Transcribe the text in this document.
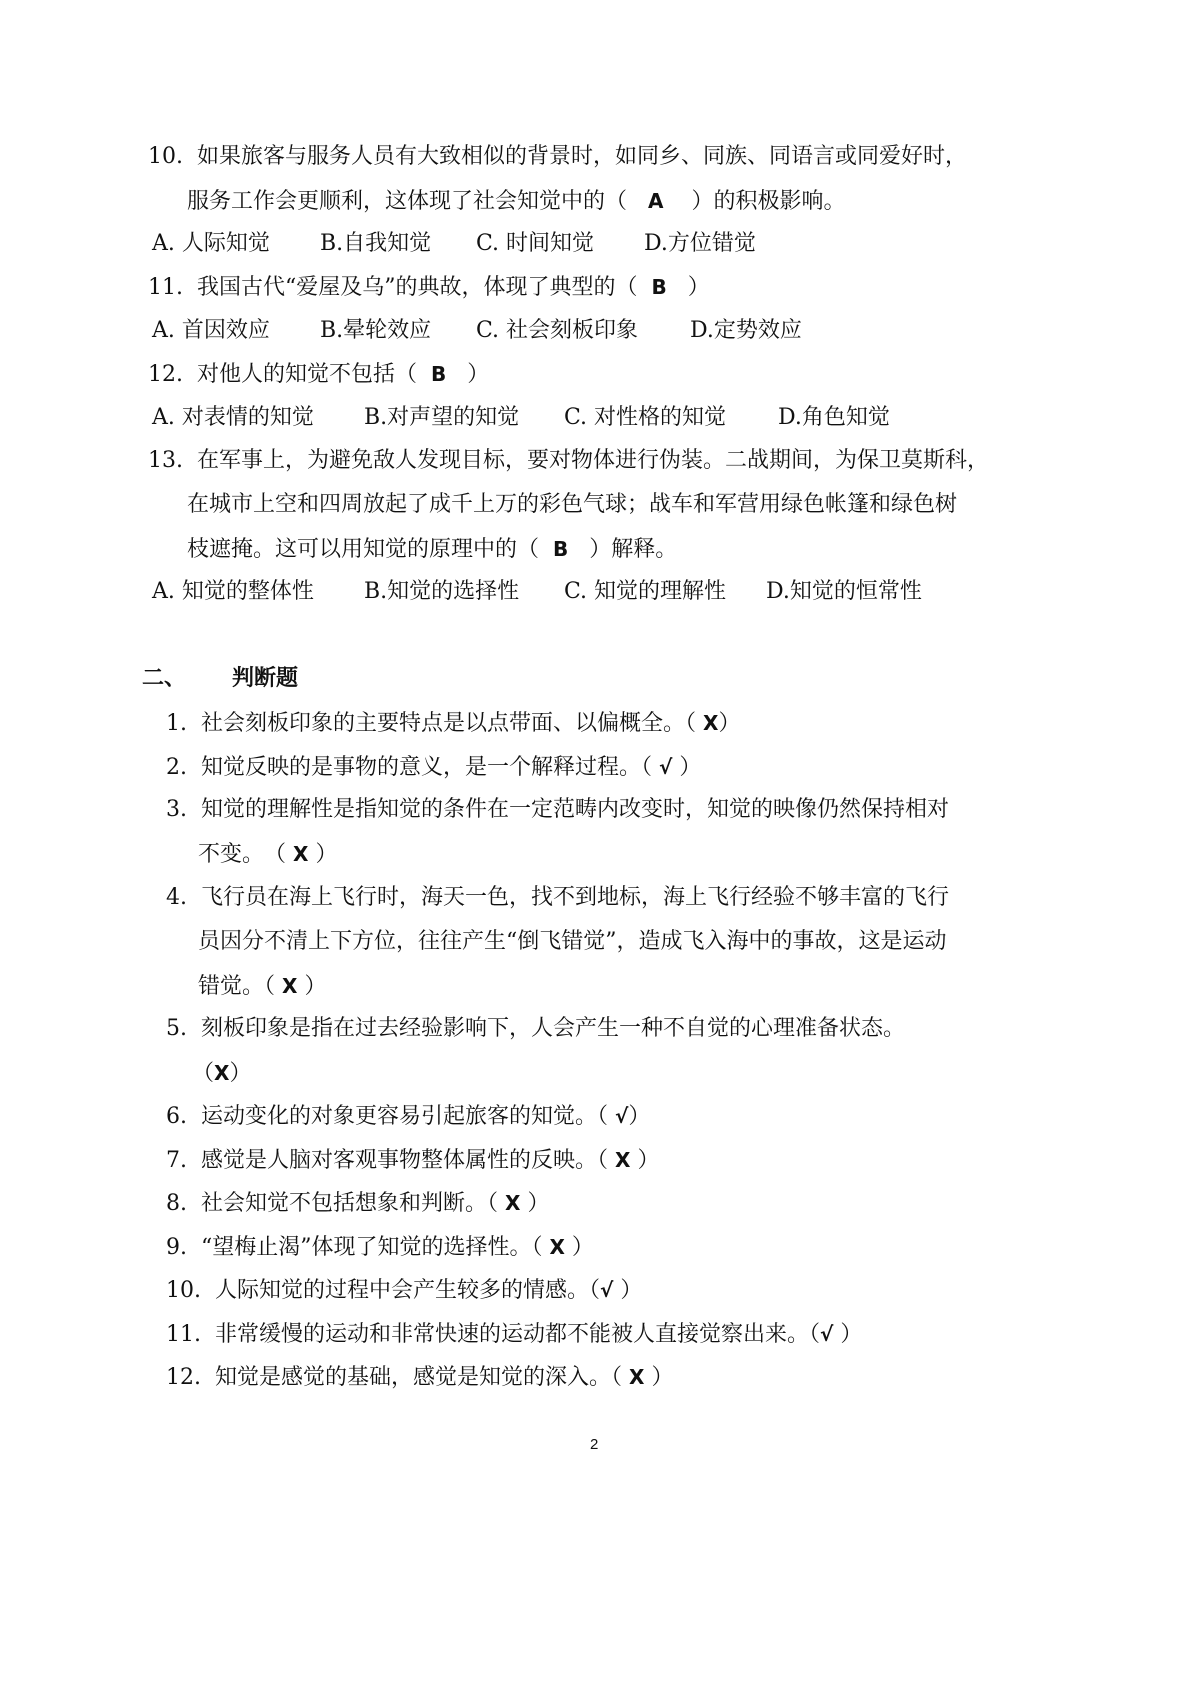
10. 如果旅客与服务人员有大致相似的背景时，如同乡、同族、同语言或同爱好时，
服务工作会更顺利，这体现了社会知觉中的（ A ）的积极影响。
A. 人际知觉 B.自我知觉 C. 时间知觉 D.方位错觉
11. 我国古代“爱屋及乌”的典故，体现了典型的（ B ）
A. 首因效应 B.晕轮效应 C. 社会刻板印象 D.定势效应
12. 对他人的知觉不包括（ B ）
A. 对表情的知觉 B.对声望的知觉 C. 对性格的知觉 D.角色知觉
13. 在军事上，为避免敌人发现目标，要对物体进行伪装。二战期间，为保卫莫斯科，
在城市上空和四周放起了成千上万的彩色气球；战车和军营用绿色帐篷和绿色树
枝遮掩。这可以用知觉的原理中的（ B ）解释。
A. 知觉的整体性 B.知觉的选择性 C. 知觉的理解性 D.知觉的恒常性
二、 判断题
1. 社会刻板印象的主要特点是以点带面、以偏概全。（ X）
2. 知觉反映的是事物的意义，是一个解释过程。（ √ ）
3. 知觉的理解性是指知觉的条件在一定范畴内改变时，知觉的映像仍然保持相对
不变。　（ X ）
4. 飞行员在海上飞行时，海天一色，找不到地标，海上飞行经验不够丰富的飞行
员因分不清上下方位，往往产生“倒飞错觉”，造成飞入海中的事故，这是运动
错觉。（ X ）
5. 刻板印象是指在过去经验影响下，人会产生一种不自觉的心理准备状态。
（X）
6. 运动变化的对象更容易引起旅客的知觉。（ √）
7. 感觉是人脑对客观事物整体属性的反映。（ X ）
8. 社会知觉不包括想象和判断。（ X ）
9. “望梅止渴”体现了知觉的选择性。（ X ）
10. 人际知觉的过程中会产生较多的情感。（√ ）
11. 非常缓慢的运动和非常快速的运动都不能被人直接觉察出来。（√ ）
12. 知觉是感觉的基础，感觉是知觉的深入。（ X ）
2
